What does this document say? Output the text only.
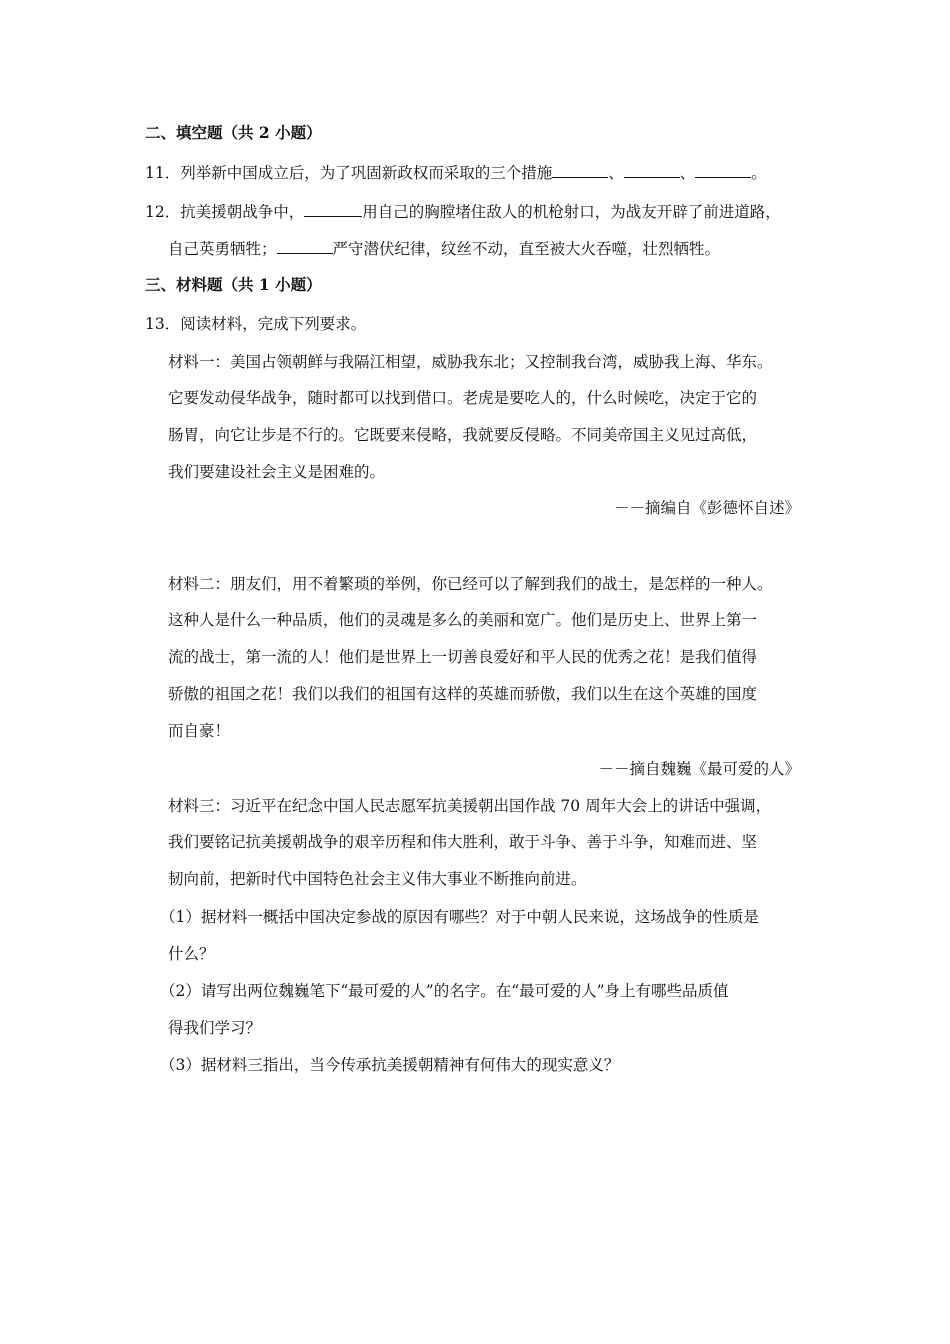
二、填空题（共 2 小题）
11．列举新中国成立后，为了巩固新政权而采取的三个措施	、	、	。
12．抗美援朝战争中，	用自己的胸膛堵住敌人的机枪射口，为战友开辟了前进道路，
自己英勇牺牲；	严守潜伏纪律，纹丝不动，直至被大火吞噬，壮烈牺牲。
三、材料题（共 1 小题）
13．阅读材料，完成下列要求。
材料一：美国占领朝鲜与我隔江相望，威胁我东北；又控制我台湾，威胁我上海、华东。
它要发动侵华战争，随时都可以找到借口。老虎是要吃人的，什么时候吃，决定于它的
肠胃，向它让步是不行的。它既要来侵略，我就要反侵略。不同美帝国主义见过高低，
我们要建设社会主义是困难的。
－－摘编自《彭德怀自述》
材料二：朋友们，用不着繁琐的举例，你已经可以了解到我们的战士，是怎样的一种人。
这种人是什么一种品质，他们的灵魂是多么的美丽和宽广。他们是历史上、世界上第一
流的战士，第一流的人！他们是世界上一切善良爱好和平人民的优秀之花！是我们值得
骄傲的祖国之花！我们以我们的祖国有这样的英雄而骄傲，我们以生在这个英雄的国度
而自豪！
－－摘自魏巍《最可爱的人》
材料三：习近平在纪念中国人民志愿军抗美援朝出国作战 70 周年大会上的讲话中强调，
我们要铭记抗美援朝战争的艰辛历程和伟大胜利，敢于斗争、善于斗争，知难而进、坚
韧向前，把新时代中国特色社会主义伟大事业不断推向前进。
（1）据材料一概括中国决定参战的原因有哪些？对于中朝人民来说，这场战争的性质是
什么？
（2）请写出两位魏巍笔下“最可爱的人”的名字。在“最可爱的人”身上有哪些品质值
得我们学习？
（3）据材料三指出，当今传承抗美援朝精神有何伟大的现实意义？
